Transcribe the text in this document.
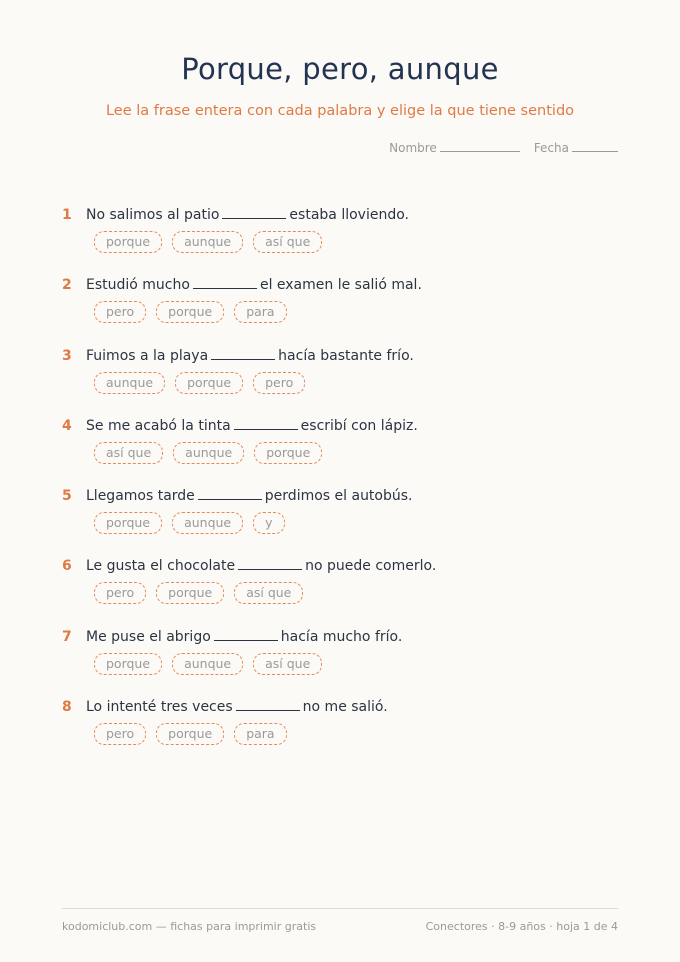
Porque, pero, aunque
Lee la frase entera con cada palabra y elige la que tiene sentido
Nombre	Fecha
1 No salimos al patio	estaba lloviendo.
porque	aunque	así que
2 Estudió mucho	el examen le salió mal.
pero	porque	para
3 Fuimos a la playa	hacía bastante frío.
aunque	porque	pero
4 Se me acabó la tinta	escribí con lápiz.
así que	aunque	porque
5 Llegamos tarde	perdimos el autobús.
porque	aunque	y
6 Le gusta el chocolate	no puede comerlo.
pero	porque	así que
7 Me puse el abrigo	hacía mucho frío.
porque	aunque	así que
8 Lo intenté tres veces	no me salió.
pero	porque	para
kodomiclub.com — fichas para imprimir gratis	Conectores · 8-9 años · hoja 1 de 4
